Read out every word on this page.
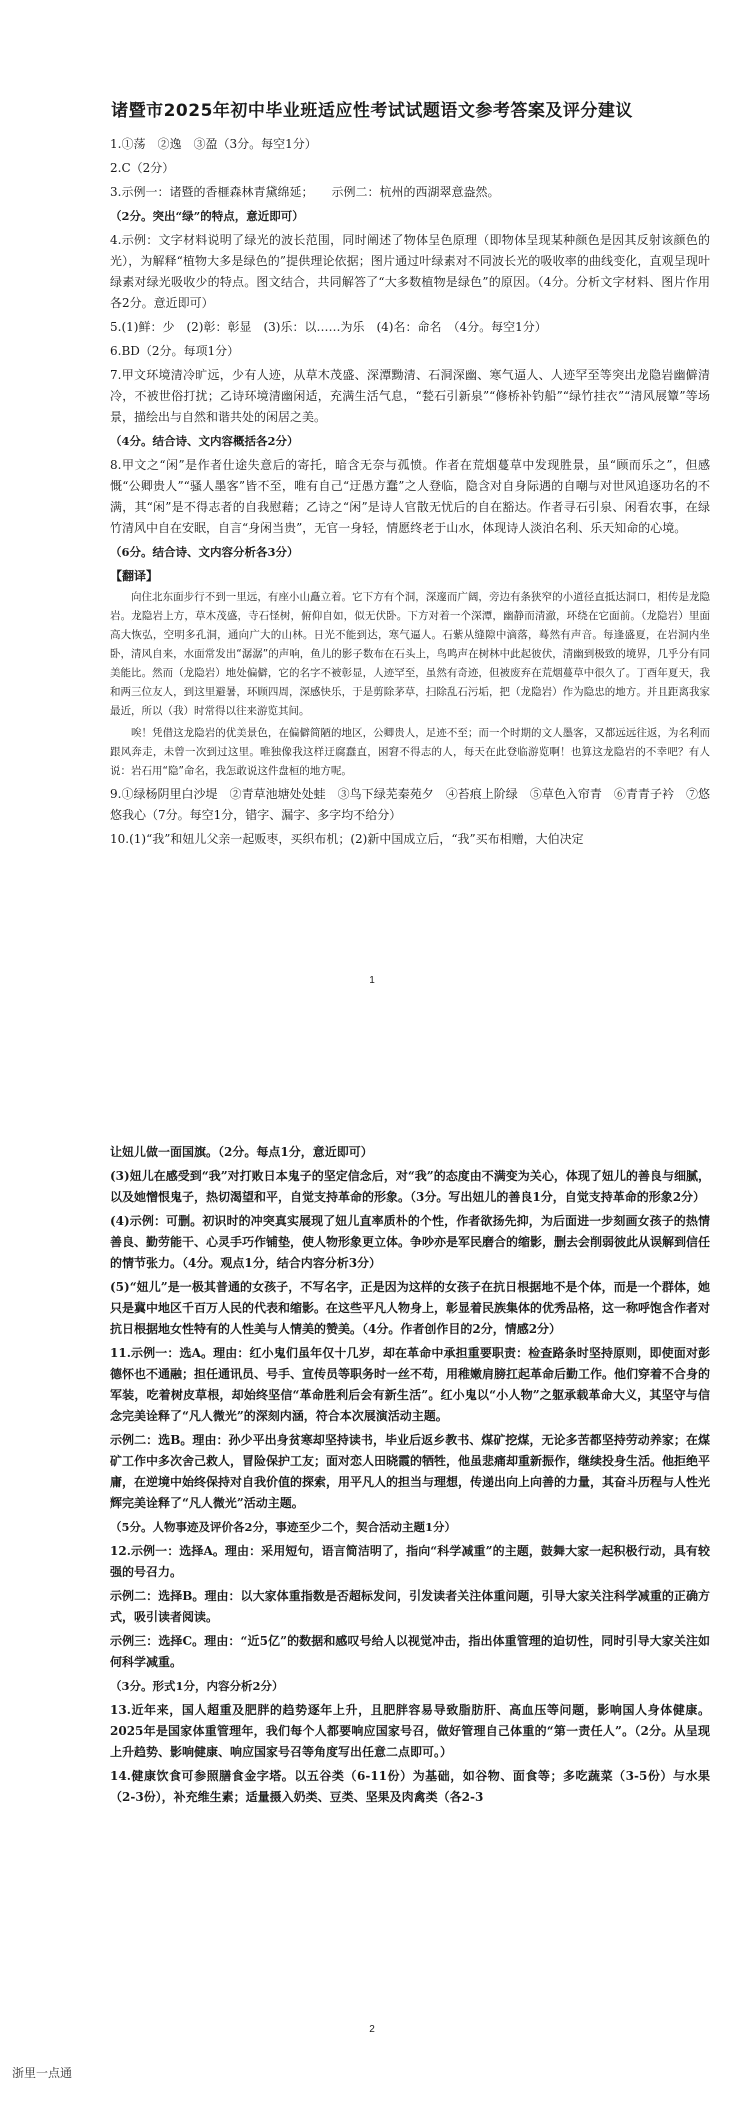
诸暨市2025年初中毕业班适应性考试试题语文参考答案及评分建议

1.①荡　②逸　③盈（3分。每空1分）

2.C（2分）

3.示例一：诸暨的香榧森林青黛绵延；　　示例二：杭州的西湖翠意盎然。

（2分。突出“绿”的特点，意近即可）

4.示例：文字材料说明了绿光的波长范围，同时阐述了物体呈色原理（即物体呈现某种颜色是因其反射该颜色的光），为解释“植物大多是绿色的”提供理论依据；图片通过叶绿素对不同波长光的吸收率的曲线变化，直观呈现叶绿素对绿光吸收少的特点。图文结合，共同解答了“大多数植物是绿色”的原因。（4分。分析文字材料、图片作用各2分。意近即可）

5.(1)鲜：少　(2)彰：彰显　(3)乐：以……为乐　(4)名：命名　（4分。每空1分）

6.BD（2分。每项1分）

7.甲文环境清冷旷远，少有人迹，从草木茂盛、深潭黝清、石洞深幽、寒气逼人、人迹罕至等突出龙隐岩幽僻清冷，不被世俗打扰；乙诗环境清幽闲适，充满生活气息，“甃石引新泉”“修桥补钓船”“绿竹挂衣”“清风展簟”等场景，描绘出与自然和谐共处的闲居之美。

（4分。结合诗、文内容概括各2分）

8.甲文之“闲”是作者仕途失意后的寄托，暗含无奈与孤愤。作者在荒烟蔓草中发现胜景，虽“顾而乐之”，但感慨“公卿贵人”“骚人墨客”皆不至，唯有自己“迂愚方蠢”之人登临，隐含对自身际遇的自嘲与对世风追逐功名的不满，其“闲”是不得志者的自我慰藉；乙诗之“闲”是诗人官散无忧后的自在豁达。作者寻石引泉、闲看农事，在绿竹清风中自在安眠，自言“身闲当贵”，无官一身轻，情愿终老于山水，体现诗人淡泊名利、乐天知命的心境。

（6分。结合诗、文内容分析各3分）

【翻译】

向住北东面步行不到一里远，有座小山矗立着。它下方有个洞，深邃而广阔，旁边有条狭窄的小道径直抵达洞口，相传是龙隐岩。龙隐岩上方，草木茂盛，寺石怪树，俯仰自如，似无伏卧。下方对着一个深潭，幽静而清澈，环绕在它面前。（龙隐岩）里面高大恢弘，空明多孔洞，通向广大的山林。日光不能到达，寒气逼人。石紫从缝隙中滴落，蓦然有声音。每逢盛夏，在岩洞内坐卧，清风自来，水面常发出“潺潺”的声响，鱼儿的影子数布在石头上，鸟鸣声在树林中此起彼伏，清幽到极致的境界，几乎分有同美能比。然而（龙隐岩）地处偏僻，它的名字不被彰显，人迹罕至，虽然有奇迹，但被废弃在荒烟蔓草中很久了。丁酉年夏天，我和两三位友人，到这里避暑，环顾四周，深感快乐，于是剪除茅草，扫除乱石污垢，把（龙隐岩）作为隐忠的地方。并且距离我家最近，所以（我）时常得以往来游览其间。

唉！凭借这龙隐岩的优美景色，在偏僻简陋的地区，公卿贵人，足迹不至；而一个时期的文人墨客，又都远远往返，为名利而跟风奔走，未曾一次到过这里。唯独像我这样迂腐蠢直，困窘不得志的人，每天在此登临游览啊！也算这龙隐岩的不幸吧？有人说：岩石用“隐”命名，我怎敢说这件盘桓的地方呢。

9.①绿杨阴里白沙堤　②青草池塘处处蛙　③鸟下绿芜秦苑夕　④苔痕上阶绿　⑤草色入帘青　⑥青青子衿　⑦悠悠我心（7分。每空1分，错字、漏字、多字均不给分）

10.(1)“我”和妞儿父亲一起贩枣，买织布机；(2)新中国成立后，“我”买布相赠，大伯决定

1

让妞儿做一面国旗。（2分。每点1分，意近即可）

(3)妞儿在感受到“我”对打败日本鬼子的坚定信念后，对“我”的态度由不满变为关心，体现了妞儿的善良与细腻，以及她憎恨鬼子，热切渴望和平，自觉支持革命的形象。（3分。写出妞儿的善良1分，自觉支持革命的形象2分）

(4)示例：可删。初识时的冲突真实展现了妞儿直率质朴的个性，作者欲扬先抑，为后面进一步刻画女孩子的热情善良、勤劳能干、心灵手巧作铺垫，使人物形象更立体。争吵亦是军民磨合的缩影，删去会削弱彼此从误解到信任的情节张力。（4分。观点1分，结合内容分析3分）

(5)“妞儿”是一极其普通的女孩子，不写名字，正是因为这样的女孩子在抗日根据地不是个体，而是一个群体，她只是冀中地区千百万人民的代表和缩影。在这些平凡人物身上，彰显着民族集体的优秀品格，这一称呼饱含作者对抗日根据地女性特有的人性美与人情美的赞美。（4分。作者创作目的2分，情感2分）

11.示例一：选A。理由：红小鬼们虽年仅十几岁，却在革命中承担重要职责：检查路条时坚持原则，即使面对彭德怀也不通融；担任通讯员、号手、宣传员等职务时一丝不苟，用稚嫩肩膀扛起革命后勤工作。他们穿着不合身的军装，吃着树皮草根，却始终坚信“革命胜利后会有新生活”。红小鬼以“小人物”之躯承载革命大义，其坚守与信念完美诠释了“凡人微光”的深刻内涵，符合本次展演活动主题。

示例二：选B。理由：孙少平出身贫寒却坚持读书，毕业后返乡教书、煤矿挖煤，无论多苦都坚持劳动养家；在煤矿工作中多次舍己救人，冒险保护工友；面对恋人田晓霞的牺牲，他虽悲痛却重新振作，继续投身生活。他拒绝平庸，在逆境中始终保持对自我价值的探索，用平凡人的担当与理想，传递出向上向善的力量，其奋斗历程与人性光辉完美诠释了“凡人微光”活动主题。

（5分。人物事迹及评价各2分，事迹至少二个，契合活动主题1分）

12.示例一：选择A。理由：采用短句，语言简洁明了，指向“科学减重”的主题，鼓舞大家一起积极行动，具有较强的号召力。

示例二：选择B。理由：以大家体重指数是否超标发问，引发读者关注体重问题，引导大家关注科学减重的正确方式，吸引读者阅读。

示例三：选择C。理由：“近5亿”的数据和感叹号给人以视觉冲击，指出体重管理的迫切性，同时引导大家关注如何科学减重。

（3分。形式1分，内容分析2分）

13.近年来，国人超重及肥胖的趋势逐年上升，且肥胖容易导致脂肪肝、高血压等问题，影响国人身体健康。2025年是国家体重管理年，我们每个人都要响应国家号召，做好管理自己体重的“第一责任人”。（2分。从呈现上升趋势、影响健康、响应国家号召等角度写出任意二点即可。）

14.健康饮食可参照膳食金字塔。以五谷类（6-11份）为基础，如谷物、面食等；多吃蔬菜（3-5份）与水果（2-3份），补充维生素；适量摄入奶类、豆类、坚果及肉禽类（各2-3

2
浙里一点通
